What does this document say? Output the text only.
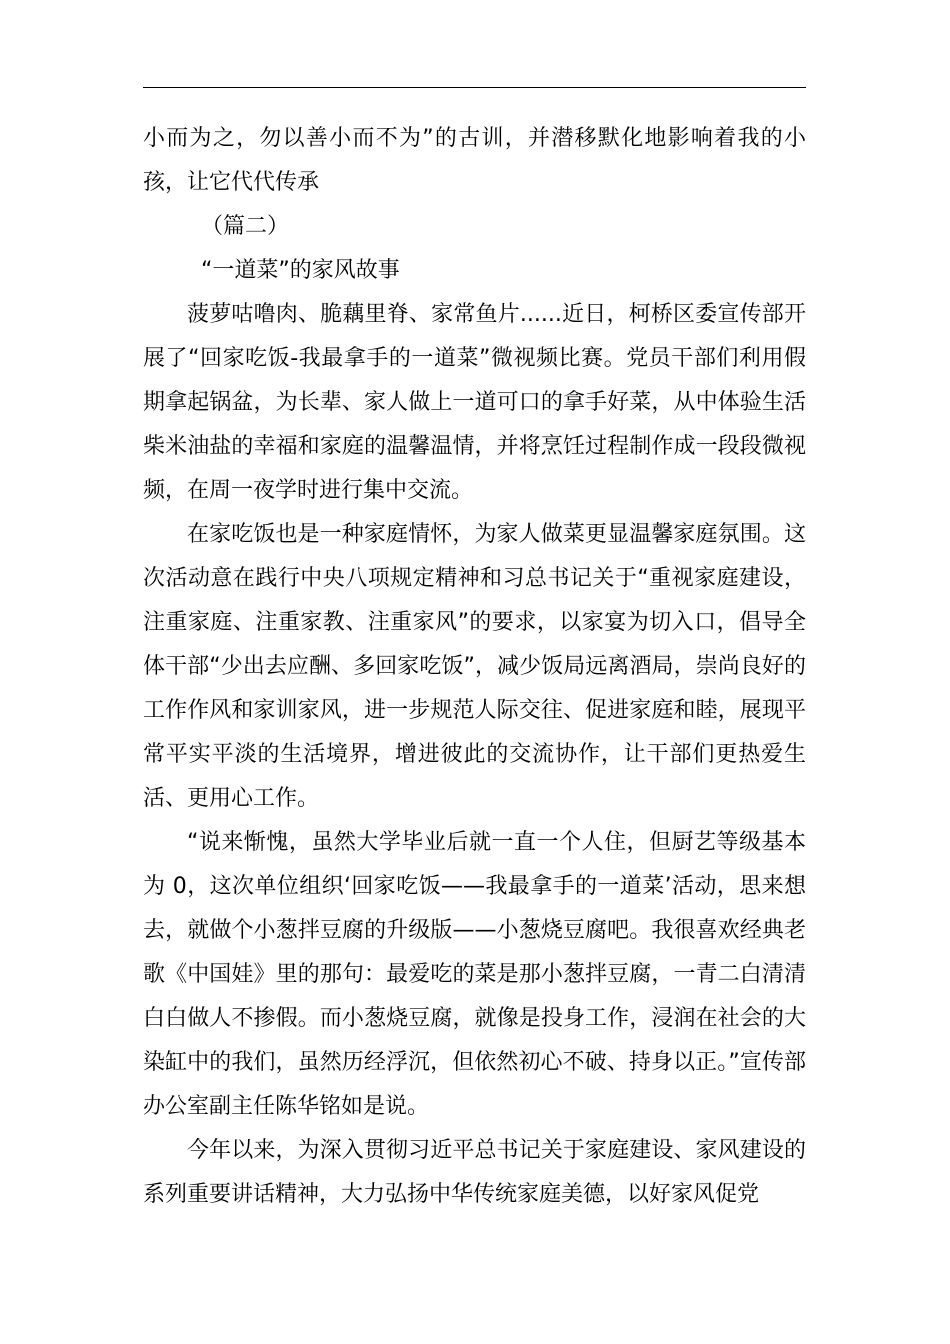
小而为之，勿以善小而不为”的古训，并潜移默化地影响着我的小孩，让它代代传承

（篇二）

“一道菜”的家风故事

菠萝咕噜肉、脆藕里脊、家常鱼片......近日，柯桥区委宣传部开展了“回家吃饭-我最拿手的一道菜”微视频比赛。党员干部们利用假期拿起锅盆，为长辈、家人做上一道可口的拿手好菜，从中体验生活柴米油盐的幸福和家庭的温馨温情，并将烹饪过程制作成一段段微视频，在周一夜学时进行集中交流。

在家吃饭也是一种家庭情怀，为家人做菜更显温馨家庭氛围。这次活动意在践行中央八项规定精神和习总书记关于“重视家庭建设，注重家庭、注重家教、注重家风”的要求，以家宴为切入口，倡导全体干部“少出去应酬、多回家吃饭”，减少饭局远离酒局，崇尚良好的工作作风和家训家风，进一步规范人际交往、促进家庭和睦，展现平常平实平淡的生活境界，增进彼此的交流协作，让干部们更热爱生活、更用心工作。

“说来惭愧，虽然大学毕业后就一直一个人住，但厨艺等级基本为 0，这次单位组织‘回家吃饭——我最拿手的一道菜’活动，思来想去，就做个小葱拌豆腐的升级版——小葱烧豆腐吧。我很喜欢经典老歌《中国娃》里的那句：最爱吃的菜是那小葱拌豆腐，一青二白清清白白做人不掺假。而小葱烧豆腐，就像是投身工作，浸润在社会的大染缸中的我们，虽然历经浮沉，但依然初心不破、持身以正。”宣传部办公室副主任陈华铭如是说。

今年以来，为深入贯彻习近平总书记关于家庭建设、家风建设的系列重要讲话精神，大力弘扬中华传统家庭美德，以好家风促党
